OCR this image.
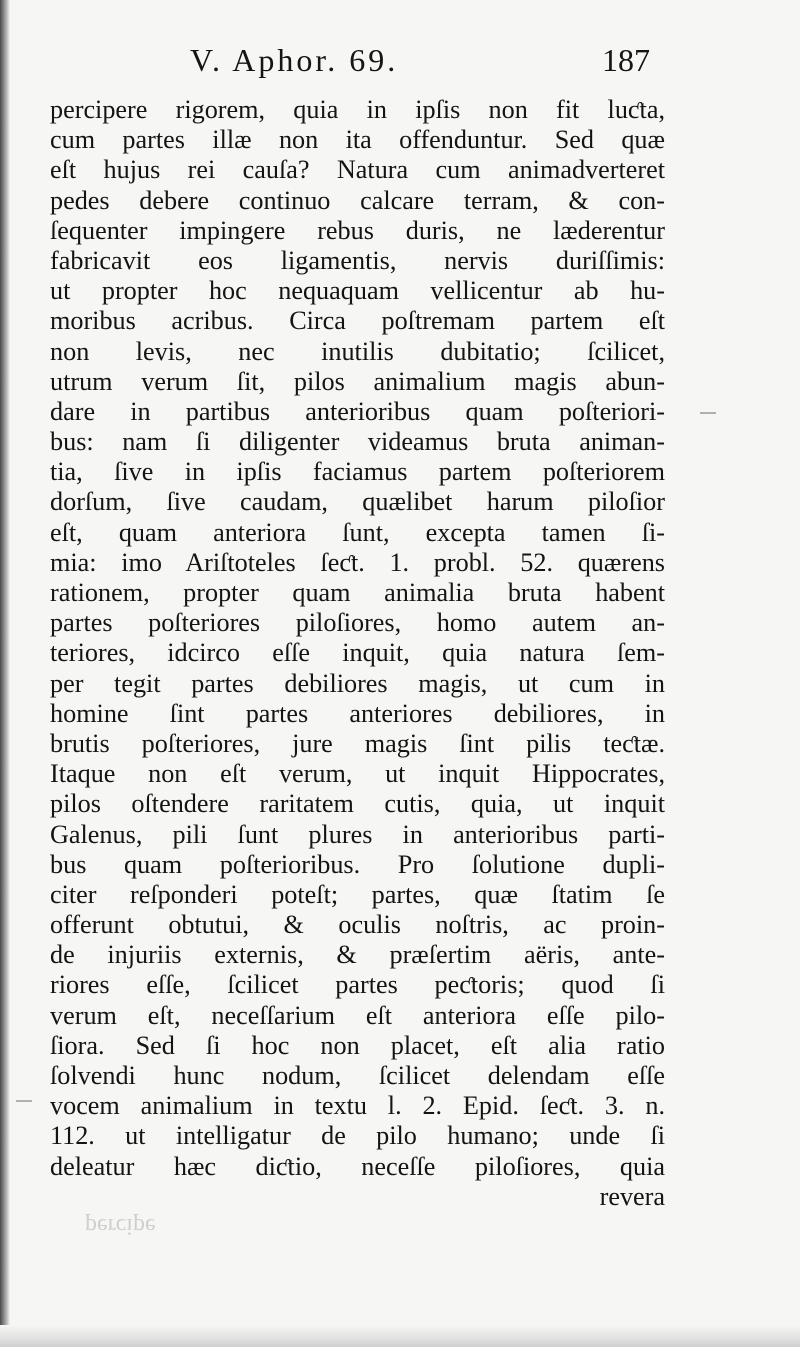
V. Aphor. 69.	187
percipere rigorem, quia in ipſis non fit luƈta,
cum partes illæ non ita offenduntur. Sed quæ
eſt hujus rei cauſa? Natura cum animadverteret
pedes debere continuo calcare terram, & con-
ſequenter impingere rebus duris, ne læderentur
fabricavit eos ligamentis, nervis duriſſimis:
ut propter hoc nequaquam vellicentur ab hu-
moribus acribus. Circa poſtremam partem eſt
non levis, nec inutilis dubitatio; ſcilicet,
utrum verum ſit, pilos animalium magis abun-
dare in partibus anterioribus quam poſteriori-
bus: nam ſi diligenter videamus bruta animan-
tia, ſive in ipſis faciamus partem poſteriorem
dorſum, ſive caudam, quælibet harum piloſior
eſt, quam anteriora ſunt, excepta tamen ſi-
mia: imo Ariſtoteles ſeƈt. 1. probl. 52. quærens
rationem, propter quam animalia bruta habent
partes poſteriores piloſiores, homo autem an-
teriores, idcirco eſſe inquit, quia natura ſem-
per tegit partes debiliores magis, ut cum in
homine ſint partes anteriores debiliores, in
brutis poſteriores, jure magis ſint pilis teƈtæ.
Itaque non eſt verum, ut inquit Hippocrates,
pilos oſtendere raritatem cutis, quia, ut inquit
Galenus, pili ſunt plures in anterioribus parti-
bus quam poſterioribus. Pro ſolutione dupli-
citer reſponderi poteſt; partes, quæ ſtatim ſe
offerunt obtutui, & oculis noſtris, ac proin-
de injuriis externis, & præſertim aëris, ante-
riores eſſe, ſcilicet partes peƈtoris; quod ſi
verum eſt, neceſſarium eſt anteriora eſſe pilo-
ſiora. Sed ſi hoc non placet, eſt alia ratio
ſolvendi hunc nodum, ſcilicet delendam eſſe
vocem animalium in textu l. 2. Epid. ſeƈt. 3. n.
112. ut intelligatur de pilo humano; unde ſi
deleatur hæc diƈtio, neceſſe piloſiores, quia
revera
percipe
